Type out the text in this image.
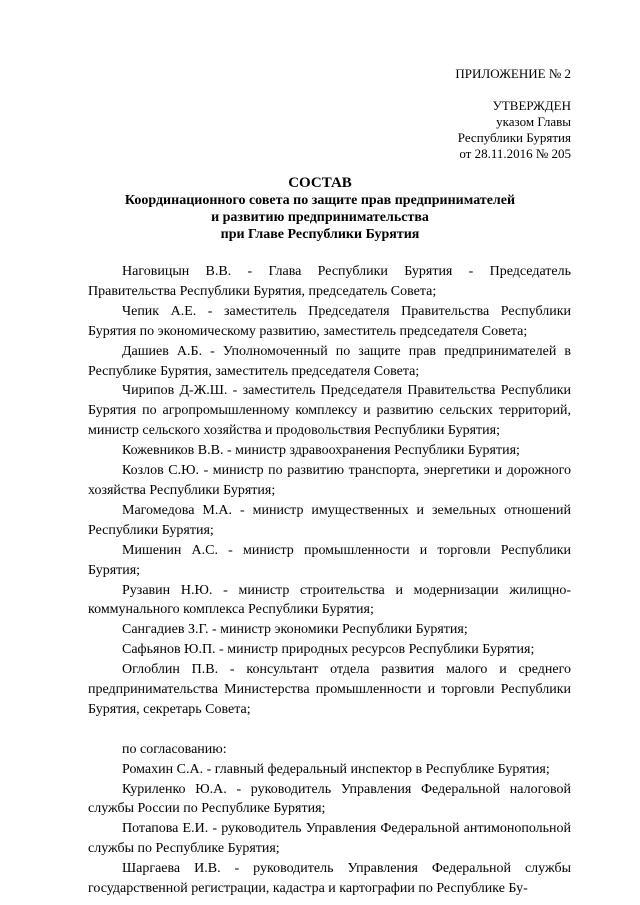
ПРИЛОЖЕНИЕ № 2
УТВЕРЖДЕН
указом Главы
Республики Бурятия
от 28.11.2016 № 205
СОСТАВ
Координационного совета по защите прав предпринимателей
и развитию предпринимательства
при Главе Республики Бурятия

Наговицын В.В. - Глава Республики Бурятия - Председатель Правительства Республики Бурятия, председатель Совета;

Чепик А.Е. - заместитель Председателя Правительства Республики Бурятия по экономическому развитию, заместитель председателя Совета;

Дашиев А.Б. - Уполномоченный по защите прав предпринимателей в Республике Бурятия, заместитель председателя Совета;

Чирипов Д-Ж.Ш. - заместитель Председателя Правительства Республики Бурятия по агропромышленному комплексу и развитию сельских территорий, министр сельского хозяйства и продовольствия Республики Бурятия;

Кожевников В.В. - министр здравоохранения Республики Бурятия;

Козлов С.Ю. - министр по развитию транспорта, энергетики и дорожного хозяйства Республики Бурятия;

Магомедова М.А. - министр имущественных и земельных отношений Республики Бурятия;

Мишенин А.С. - министр промышленности и торговли Республики Бурятия;

Рузавин Н.Ю. - министр строительства и модернизации жилищно-коммунального комплекса Республики Бурятия;

Сангадиев З.Г. - министр экономики Республики Бурятия;

Сафьянов Ю.П. - министр природных ресурсов Республики Бурятия;

Оглоблин П.В. - консультант отдела развития малого и среднего предпринимательства Министерства промышленности и торговли Республики Бурятия, секретарь Совета;

по согласованию:

Ромахин С.А. - главный федеральный инспектор в Республике Бурятия;

Куриленко Ю.А. - руководитель Управления Федеральной налоговой службы России по Республике Бурятия;

Потапова Е.И. - руководитель Управления Федеральной антимонопольной службы по Республике Бурятия;

Шаргаева И.В. - руководитель Управления Федеральной службы государственной регистрации, кадастра и картографии по Республике Бу-
